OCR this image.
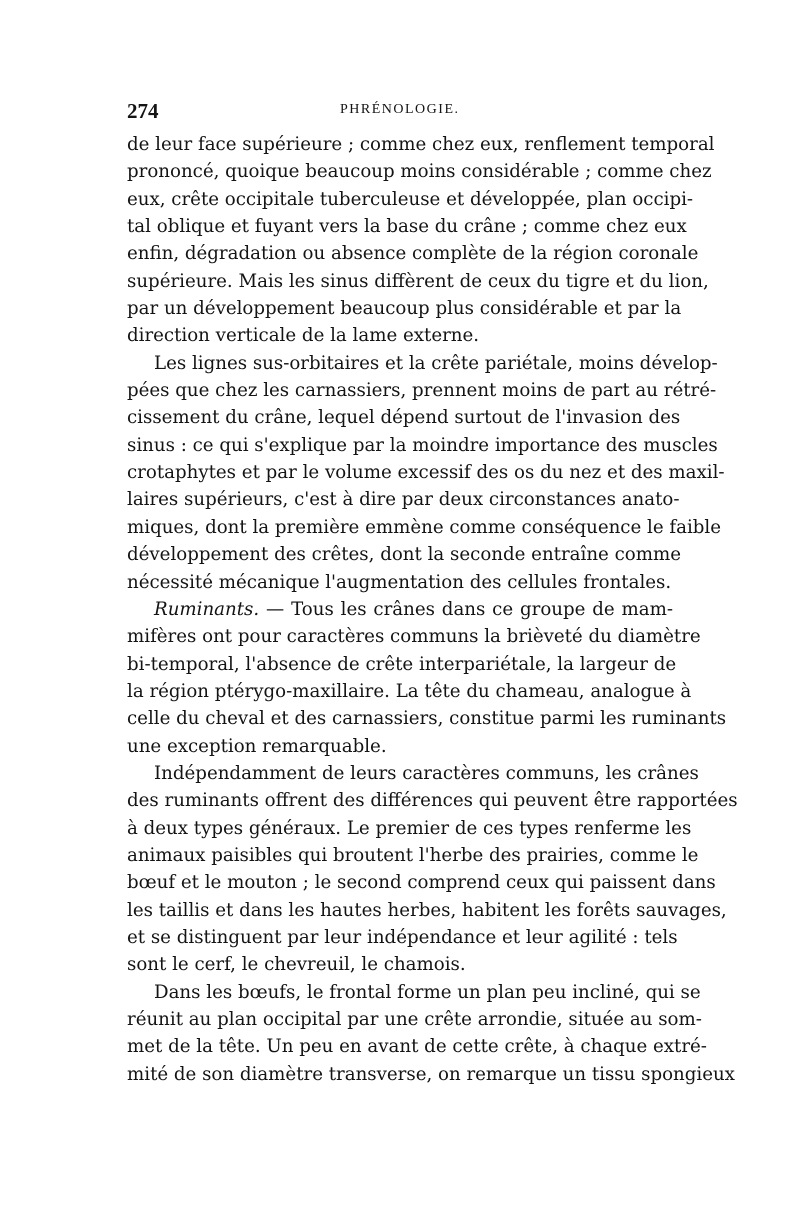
274	PHRÉNOLOGIE.
de leur face supérieure ; comme chez eux, renflement temporal
prononcé, quoique beaucoup moins considérable ; comme chez
eux, crête occipitale tuberculeuse et développée, plan occipi-
tal oblique et fuyant vers la base du crâne ; comme chez eux
enfin, dégradation ou absence complète de la région coronale
supérieure. Mais les sinus diffèrent de ceux du tigre et du lion,
par un développement beaucoup plus considérable et par la
direction verticale de la lame externe.
Les lignes sus-orbitaires et la crête pariétale, moins dévelop-
pées que chez les carnassiers, prennent moins de part au rétré-
cissement du crâne, lequel dépend surtout de l'invasion des
sinus : ce qui s'explique par la moindre importance des muscles
crotaphytes et par le volume excessif des os du nez et des maxil-
laires supérieurs, c'est à dire par deux circonstances anato-
miques, dont la première emmène comme conséquence le faible
développement des crêtes, dont la seconde entraîne comme
nécessité mécanique l'augmentation des cellules frontales.
Ruminants. — Tous les crânes dans ce groupe de mam-
mifères ont pour caractères communs la brièveté du diamètre
bi-temporal, l'absence de crête interpariétale, la largeur de
la région ptérygo-maxillaire. La tête du chameau, analogue à
celle du cheval et des carnassiers, constitue parmi les ruminants
une exception remarquable.
Indépendamment de leurs caractères communs, les crânes
des ruminants offrent des différences qui peuvent être rapportées
à deux types généraux. Le premier de ces types renferme les
animaux paisibles qui broutent l'herbe des prairies, comme le
bœuf et le mouton ; le second comprend ceux qui paissent dans
les taillis et dans les hautes herbes, habitent les forêts sauvages,
et se distinguent par leur indépendance et leur agilité : tels
sont le cerf, le chevreuil, le chamois.
Dans les bœufs, le frontal forme un plan peu incliné, qui se
réunit au plan occipital par une crête arrondie, située au som-
met de la tête. Un peu en avant de cette crête, à chaque extré-
mité de son diamètre transverse, on remarque un tissu spongieux
